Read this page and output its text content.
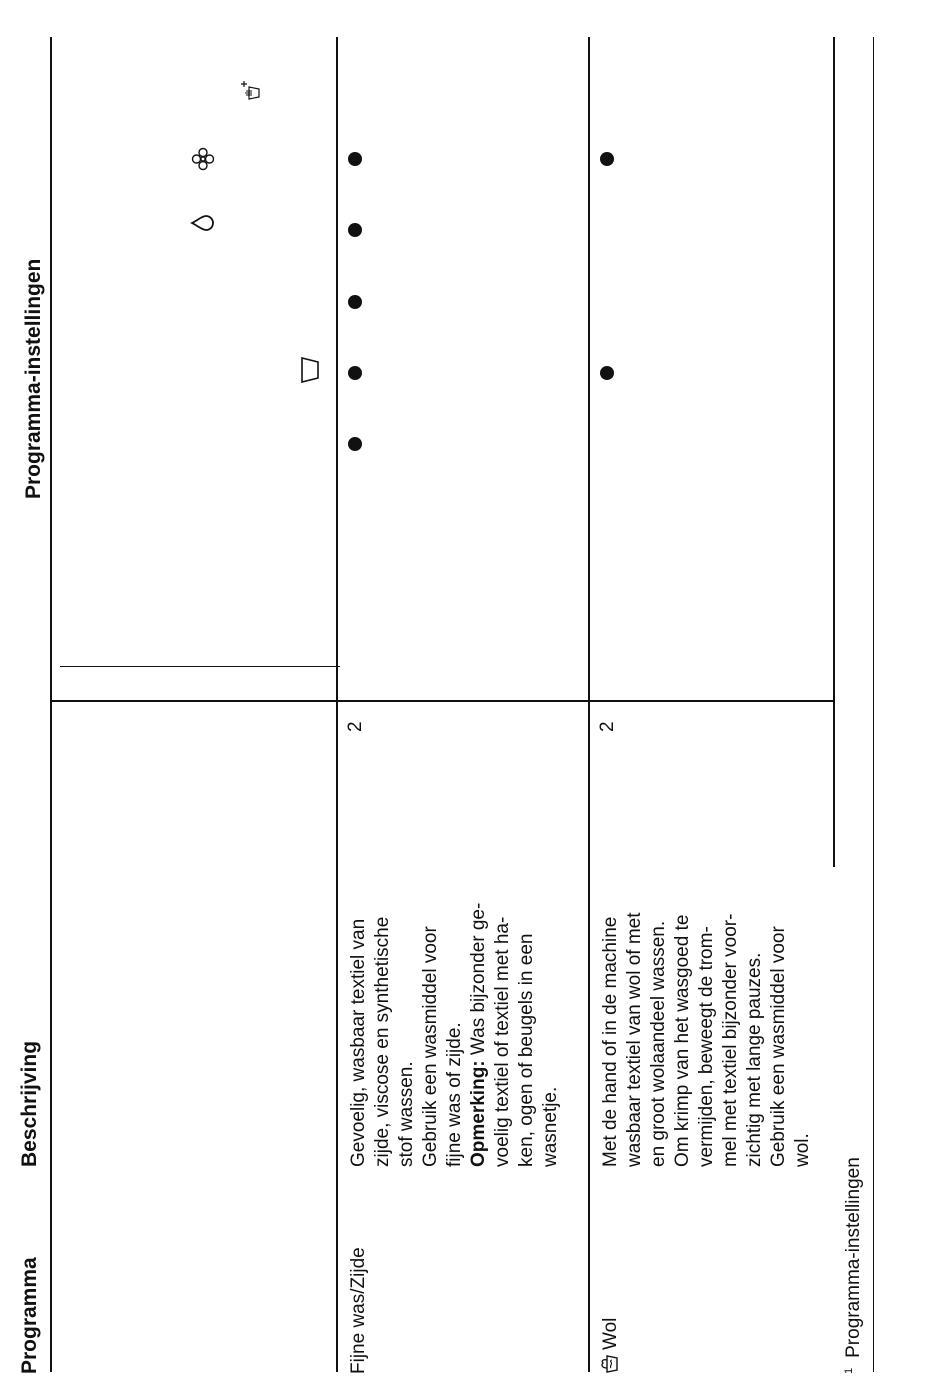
Programma
Beschrijving
Programma-instellingen
Fijne was/Zijde

Gevoelig, wasbaar textiel van zijde, viscose en synthetische stof wassen. Gebruik een wasmiddel voor fijne was of zijde. Opmerking: Was bijzonder ge- voelig textiel of textiel met ha- ken, ogen of beugels in een wasnetje.

2
Wol

Met de hand of in de machine wasbaar textiel van wol of met en groot wolaandeel wassen. Om krimp van het wasgoed te vermijden, beweegt de trom- mel met textiel bijzonder voor- zichtig met lange pauzes. Gebruik een wasmiddel voor wol.

2
$^1$Programma-instellingen
